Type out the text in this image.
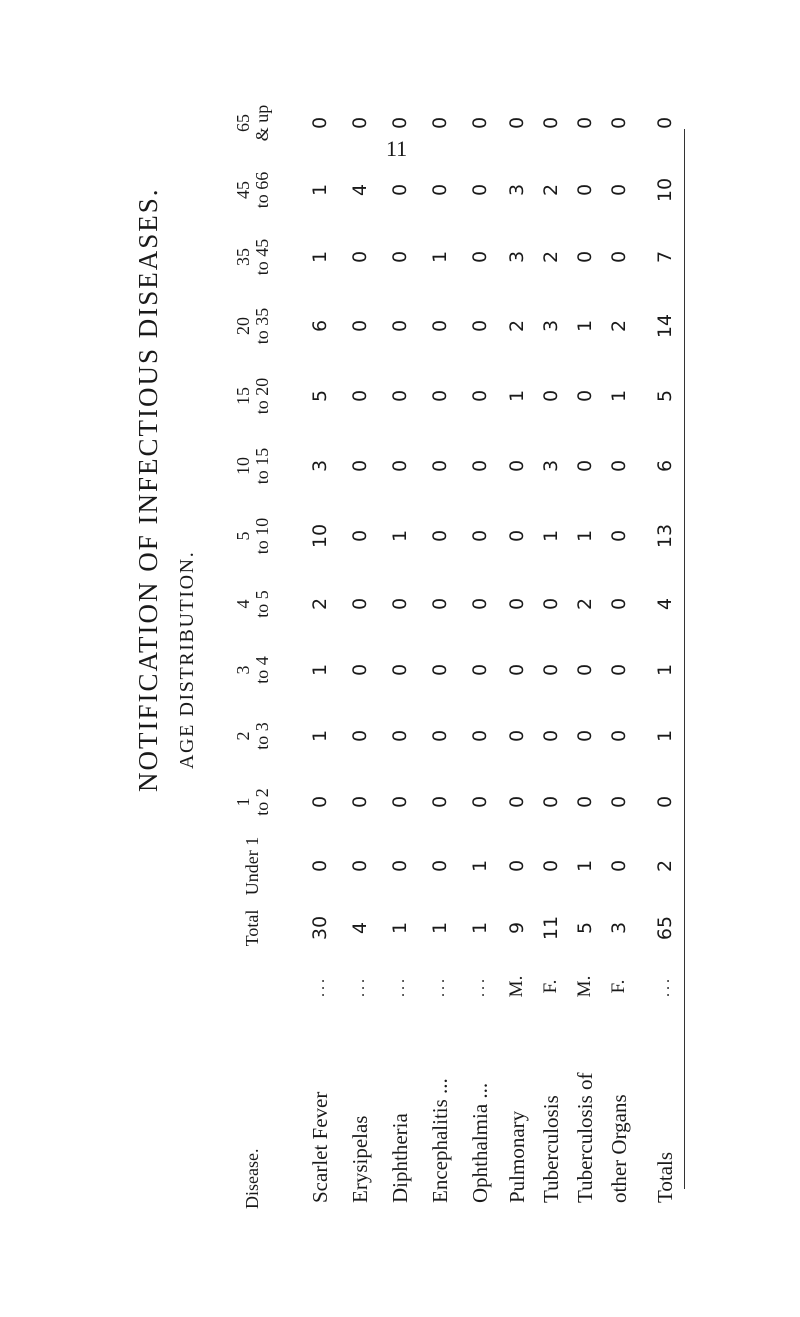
11
NOTIFICATION OF INFECTIOUS DISEASES. AGE DISTRIBUTION.
Disease.		Total	Under 1	1 to 2	2 to 3	3 to 4	4 to 5	5 to 10	10 to 15	15 to 20	20 to 35	35 to 45	45 to 66	65 & up

Scarlet Fever	...	30	0	0	1	1	2	10	3	5	6	1	1	0
Erysipelas	...	4	0	0	0	0	0	0	0	0	0	0	4	0
Diphtheria	...	1	0	0	0	0	0	1	0	0	0	0	0	0
Encephalitis ...	...	1	0	0	0	0	0	0	0	0	0	1	0	0
Ophthalmia ...	...	1	1	0	0	0	0	0	0	0	0	0	0	0
Pulmonary	M.	9	0	0	0	0	0	0	0	1	2	3	3	0
Tuberculosis	F.	11	0	0	0	0	0	1	3	0	3	2	2	0
Tuberculosis of	M.	5	1	0	0	0	2	1	0	0	1	0	0	0
other Organs	F.	3	0	0	0	0	0	0	0	1	2	0	0	0
Totals	...	65	2	0	1	1	4	13	6	5	14	7	10	0
